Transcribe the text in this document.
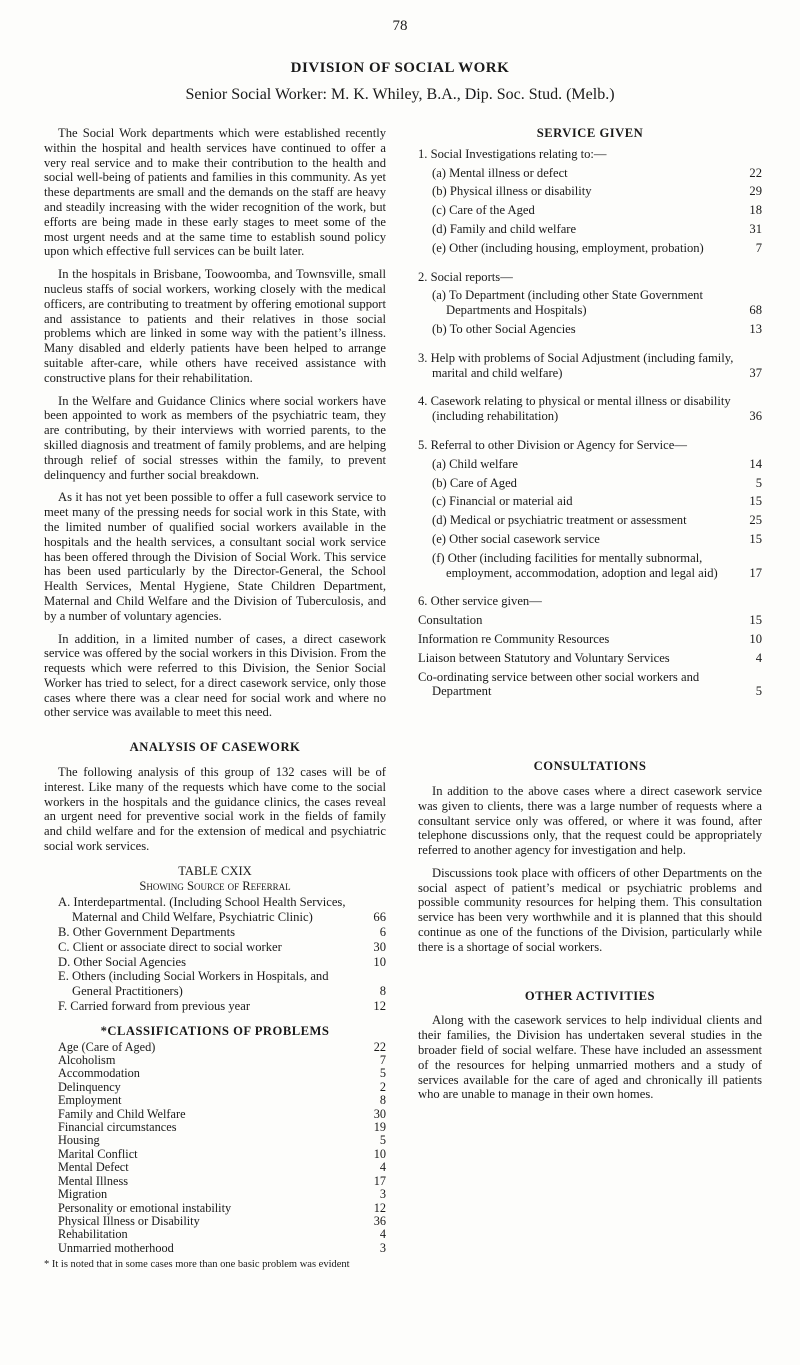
78
DIVISION OF SOCIAL WORK
Senior Social Worker: M. K. Whiley, B.A., Dip. Soc. Stud. (Melb.)

The Social Work departments which were established recently within the hospital and health services have continued to offer a very real service and to make their contribution to the health and social well-being of patients and families in this community. As yet these departments are small and the demands on the staff are heavy and steadily increasing with the wider recognition of the work, but efforts are being made in these early stages to meet some of the most urgent needs and at the same time to establish sound policy upon which effective full services can be built later.

In the hospitals in Brisbane, Toowoomba, and Townsville, small nucleus staffs of social workers, working closely with the medical officers, are contributing to treatment by offering emotional support and assistance to patients and their relatives in those social problems which are linked in some way with the patient’s illness. Many disabled and elderly patients have been helped to arrange suitable after-care, while others have received assistance with constructive plans for their rehabilitation.

In the Welfare and Guidance Clinics where social workers have been appointed to work as members of the psychiatric team, they are contributing, by their interviews with worried parents, to the skilled diagnosis and treatment of family problems, and are helping through relief of social stresses within the family, to prevent delinquency and further social breakdown.

As it has not yet been possible to offer a full casework service to meet many of the pressing needs for social work in this State, with the limited number of qualified social workers available in the hospitals and the health services, a consultant social work service has been offered through the Division of Social Work. This service has been used particularly by the Director-General, the School Health Services, Mental Hygiene, State Children Department, Maternal and Child Welfare and the Division of Tuberculosis, and by a number of voluntary agencies.

In addition, in a limited number of cases, a direct casework service was offered by the social workers in this Division. From the requests which were referred to this Division, the Senior Social Worker has tried to select, for a direct casework service, only those cases where there was a clear need for social work and where no other service was available to meet this need.

ANALYSIS OF CASEWORK

The following analysis of this group of 132 cases will be of interest. Like many of the requests which have come to the social workers in the hospitals and the guidance clinics, the cases reveal an urgent need for preventive social work in the fields of family and child welfare and for the extension of medical and psychiatric social work services.

TABLE CXIX
Showing Source of Referral
A. Interdepartmental. (Including School Health Services, Maternal and Child Welfare, Psychiatric Clinic)	66
B. Other Government Departments	6
C. Client or associate direct to social worker	30
D. Other Social Agencies	10
E. Others (including Social Workers in Hospitals, and General Practitioners)	8
F. Carried forward from previous year	12
*CLASSIFICATIONS OF PROBLEMS
Age (Care of Aged)	22
Alcoholism	7
Accommodation	5
Delinquency	2
Employment	8
Family and Child Welfare	30
Financial circumstances	19
Housing	5
Marital Conflict	10
Mental Defect	4
Mental Illness	17
Migration	3
Personality or emotional instability	12
Physical Illness or Disability	36
Rehabilitation	4
Unmarried motherhood	3
* It is noted that in some cases more than one basic problem was evident
SERVICE GIVEN
1. Social Investigations relating to:—
(a) Mental illness or defect	22
(b) Physical illness or disability	29
(c) Care of the Aged	18
(d) Family and child welfare	31
(e) Other (including housing, employment, probation)	7
2. Social reports—
(a) To Department (including other State Government Departments and Hospitals)	68
(b) To other Social Agencies	13
3. Help with problems of Social Adjustment (including family, marital and child welfare)	37
4. Casework relating to physical or mental illness or disability (including rehabilitation)	36
5. Referral to other Division or Agency for Service—
(a) Child welfare	14
(b) Care of Aged	5
(c) Financial or material aid	15
(d) Medical or psychiatric treatment or assessment	25
(e) Other social casework service	15
(f) Other (including facilities for mentally subnormal, employment, accommodation, adoption and legal aid)	17
6. Other service given—
Consultation	15
Information re Community Resources	10
Liaison between Statutory and Voluntary Services	4
Co-ordinating service between other social workers and Department	5
CONSULTATIONS

In addition to the above cases where a direct casework service was given to clients, there was a large number of requests where a consultant service only was offered, or where it was found, after telephone discussions only, that the request could be appropriately referred to another agency for investigation and help.

Discussions took place with officers of other Departments on the social aspect of patient’s medical or psychiatric problems and possible community resources for helping them. This consultation service has been very worthwhile and it is planned that this should continue as one of the functions of the Division, particularly while there is a shortage of social workers.

OTHER ACTIVITIES

Along with the casework services to help individual clients and their families, the Division has undertaken several studies in the broader field of social welfare. These have included an assessment of the resources for helping unmarried mothers and a study of services available for the care of aged and chronically ill patients who are unable to manage in their own homes.
